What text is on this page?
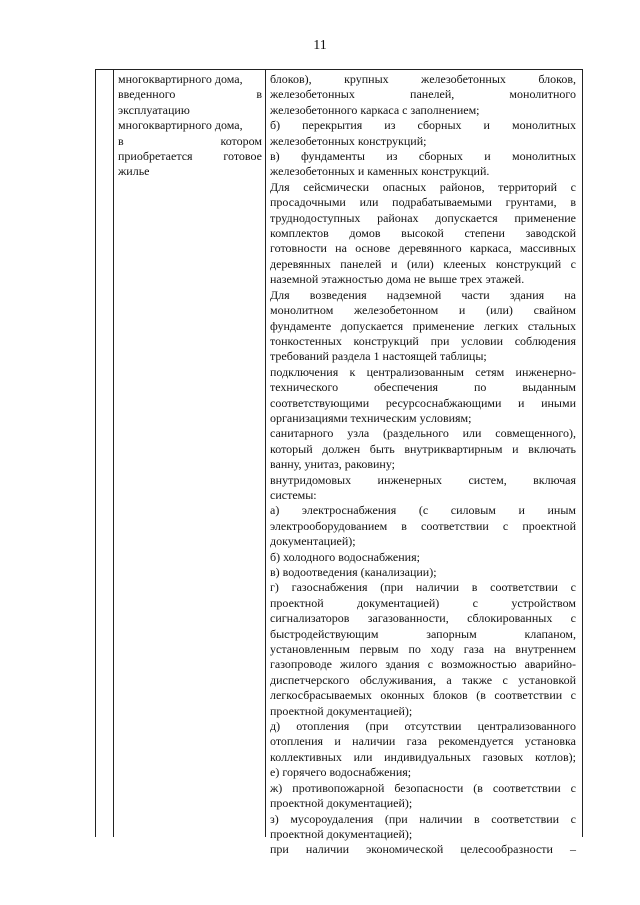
11
многоквартирного дома,
введенного в
эксплуатацию
многоквартирного дома,
в котором
приобретается готовое
жилье
блоков), крупных железобетонных блоков,
железобетонных панелей, монолитного
железобетонного каркаса с заполнением;
б) перекрытия из сборных и монолитных
железобетонных конструкций;
в) фундаменты из сборных и монолитных
железобетонных и каменных конструкций.
Для сейсмически опасных районов, территорий с
просадочными или подрабатываемыми грунтами, в
труднодоступных районах допускается применение
комплектов домов высокой степени заводской
готовности на основе деревянного каркаса, массивных
деревянных панелей и (или) клееных конструкций с
наземной этажностью дома не выше трех этажей.
Для возведения надземной части здания на
монолитном железобетонном и (или) свайном
фундаменте допускается применение легких стальных
тонкостенных конструкций при условии соблюдения
требований раздела 1 настоящей таблицы;
подключения к централизованным сетям инженерно-
технического обеспечения по выданным
соответствующими ресурсоснабжающими и иными
организациями техническим условиям;
санитарного узла (раздельного или совмещенного),
который должен быть внутриквартирным и включать
ванну, унитаз, раковину;
внутридомовых инженерных систем, включая
системы:
а) электроснабжения (с силовым и иным
электрооборудованием в соответствии с проектной
документацией);
б) холодного водоснабжения;
в) водоотведения (канализации);
г) газоснабжения (при наличии в соответствии с
проектной документацией) с устройством
сигнализаторов загазованности, сблокированных с
быстродействующим запорным клапаном,
установленным первым по ходу газа на внутреннем
газопроводе жилого здания с возможностью аварийно-
диспетчерского обслуживания, а также с установкой
легкосбрасываемых оконных блоков (в соответствии с
проектной документацией);
д) отопления (при отсутствии централизованного
отопления и наличии газа рекомендуется установка
коллективных или индивидуальных газовых котлов);
е) горячего водоснабжения;
ж) противопожарной безопасности (в соответствии с
проектной документацией);
з) мусороудаления (при наличии в соответствии с
проектной документацией);
при наличии экономической целесообразности –
